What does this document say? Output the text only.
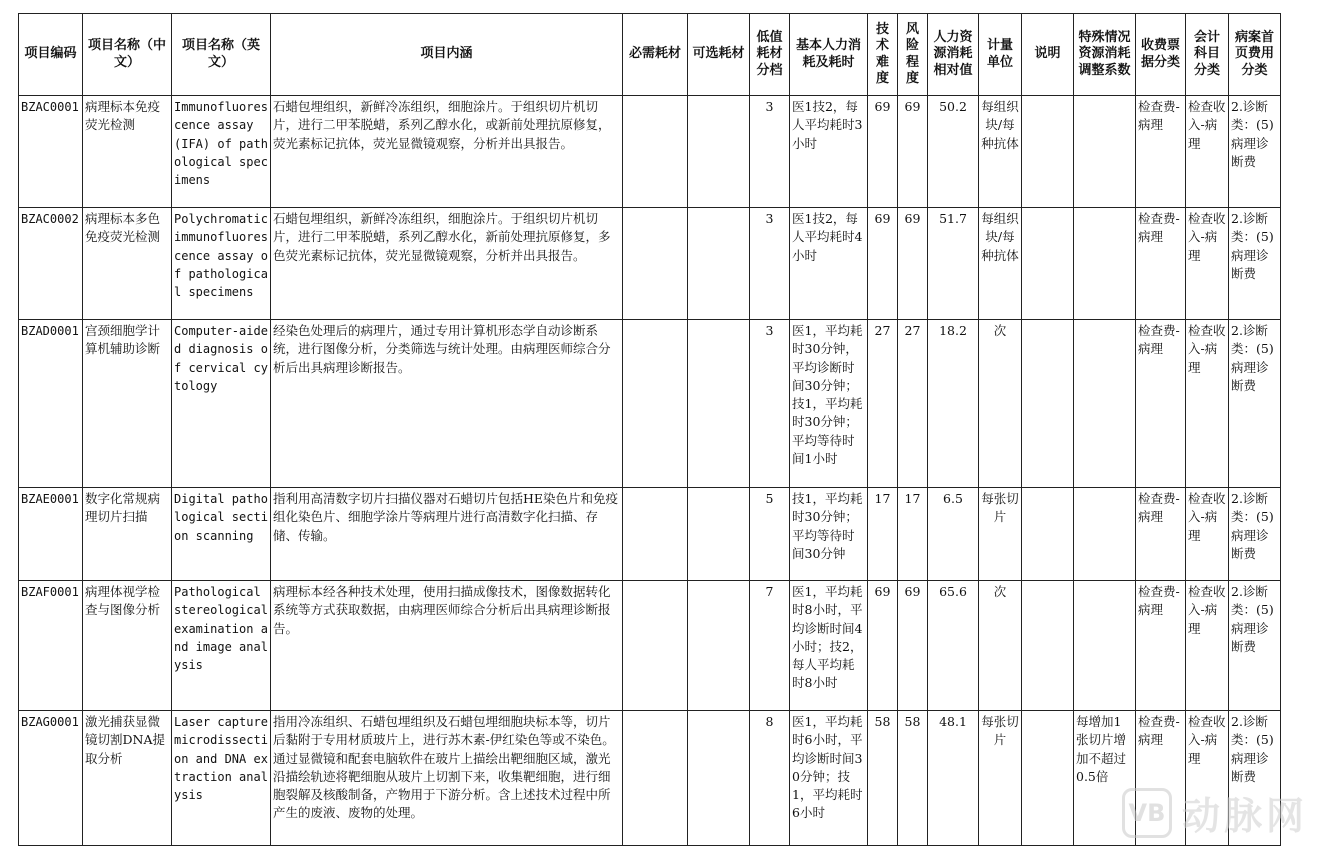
项目编码	项目名称（中文）	项目名称（英文）	项目内涵	必需耗材	可选耗材	低值耗材分档	基本人力消耗及耗时	技术难度	风险程度	人力资源消耗相对值	计量单位	说明	特殊情况资源消耗调整系数	收费票据分类	会计科目分类	病案首页费用分类
BZAC0001	病理标本免疫荧光检测	Immunofluorescence assay (IFA) of pathological specimens	石蜡包埋组织，新鲜冷冻组织，细胞涂片。于组织切片机切片，进行二甲苯脱蜡，系列乙醇水化，或新前处理抗原修复，荧光素标记抗体，荧光显微镜观察，分析并出具报告。			3	医1技2，每人平均耗时3小时	69	69	50.2	每组织块/每种抗体			检查费-病理	检查收入-病理	2.诊断类：(5)病理诊断费
BZAC0002	病理标本多色免疫荧光检测	Polychromatic immunofluorescence assay of pathological specimens	石蜡包埋组织，新鲜冷冻组织，细胞涂片。于组织切片机切片，进行二甲苯脱蜡，系列乙醇水化，新前处理抗原修复，多色荧光素标记抗体，荧光显微镜观察，分析并出具报告。			3	医1技2，每人平均耗时4小时	69	69	51.7	每组织块/每种抗体			检查费-病理	检查收入-病理	2.诊断类：(5)病理诊断费
BZAD0001	宫颈细胞学计算机辅助诊断	Computer-aided diagnosis of cervical cytology	经染色处理后的病理片，通过专用计算机形态学自动诊断系统，进行图像分析，分类筛选与统计处理。由病理医师综合分析后出具病理诊断报告。			3	医1，平均耗时30分钟，平均诊断时间30分钟；技1，平均耗时30分钟；平均等待时间1小时	27	27	18.2	次			检查费-病理	检查收入-病理	2.诊断类：(5)病理诊断费
BZAE0001	数字化常规病理切片扫描	Digital pathological section scanning	指利用高清数字切片扫描仪器对石蜡切片包括HE染色片和免疫组化染色片、细胞学涂片等病理片进行高清数字化扫描、存储、传输。			5	技1，平均耗时30分钟；平均等待时间30分钟	17	17	6.5	每张切片			检查费-病理	检查收入-病理	2.诊断类：(5)病理诊断费
BZAF0001	病理体视学检查与图像分析	Pathological stereological examination and image analysis	病理标本经各种技术处理，使用扫描成像技术，图像数据转化系统等方式获取数据，由病理医师综合分析后出具病理诊断报告。			7	医1，平均耗时8小时，平均诊断时间4小时；技2，每人平均耗时8小时	69	69	65.6	次			检查费-病理	检查收入-病理	2.诊断类：(5)病理诊断费
BZAG0001	激光捕获显微镜切割DNA提取分析	Laser capture microdissection and DNA extraction analysis	指用冷冻组织、石蜡包埋组织及石蜡包埋细胞块标本等，切片后黏附于专用材质玻片上，进行苏木素-伊红染色等或不染色。通过显微镜和配套电脑软件在玻片上描绘出靶细胞区域，激光沿描绘轨迹将靶细胞从玻片上切割下来，收集靶细胞，进行细胞裂解及核酸制备，产物用于下游分析。含上述技术过程中所产生的废液、废物的处理。			8	医1，平均耗时6小时，平均诊断时间30分钟；技1，平均耗时6小时	58	58	48.1	每张切片		每增加1张切片增加不超过0.5倍	检查费-病理	检查收入-病理	2.诊断类：(5)病理诊断费
VB 动脉网
